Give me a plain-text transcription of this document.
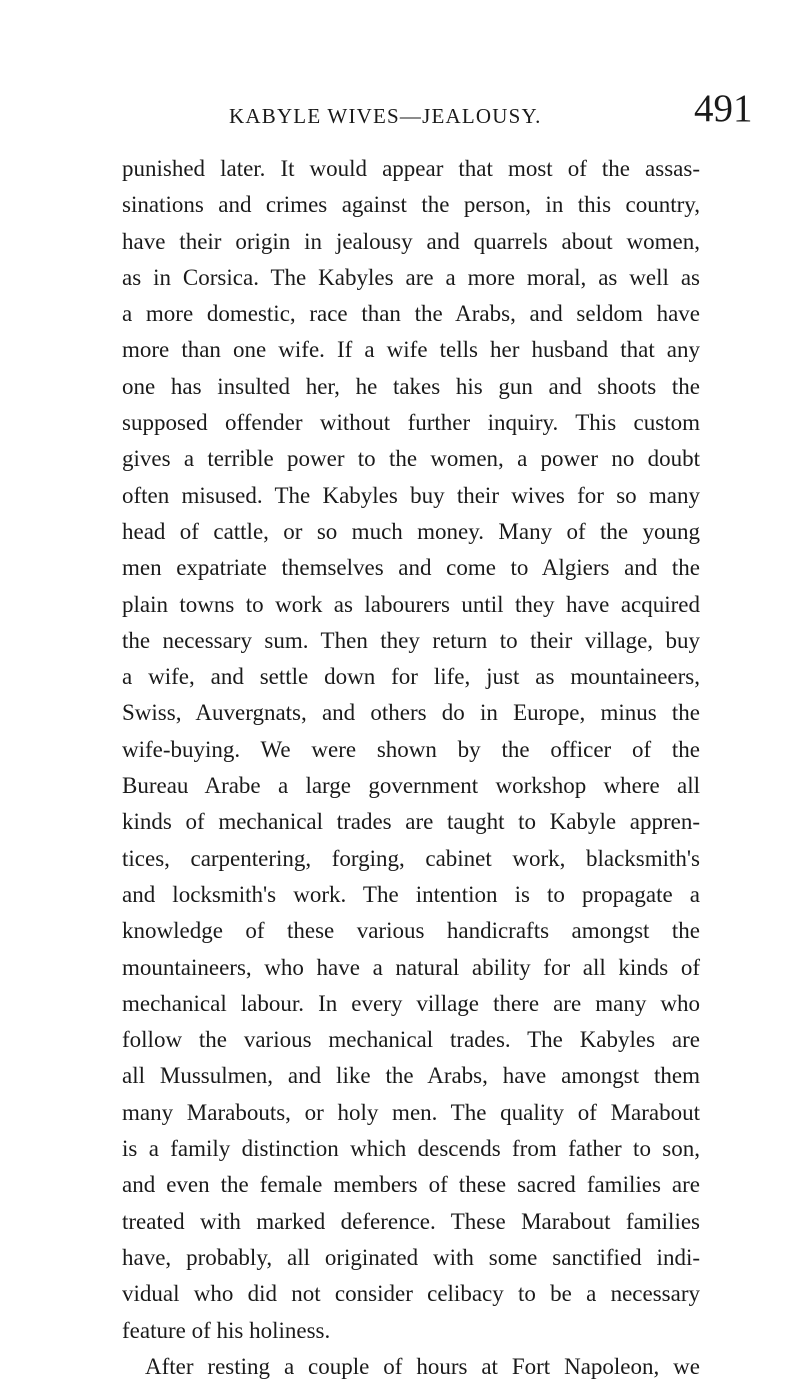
KABYLE WIVES—JEALOUSY.	491
punished later. It would appear that most of the assas-
sinations and crimes against the person, in this country,
have their origin in jealousy and quarrels about women,
as in Corsica. The Kabyles are a more moral, as well as
a more domestic, race than the Arabs, and seldom have
more than one wife. If a wife tells her husband that any
one has insulted her, he takes his gun and shoots the
supposed offender without further inquiry. This custom
gives a terrible power to the women, a power no doubt
often misused. The Kabyles buy their wives for so many
head of cattle, or so much money. Many of the young
men expatriate themselves and come to Algiers and the
plain towns to work as labourers until they have acquired
the necessary sum. Then they return to their village, buy
a wife, and settle down for life, just as mountaineers,
Swiss, Auvergnats, and others do in Europe, minus the
wife-buying. We were shown by the officer of the
Bureau Arabe a large government workshop where all
kinds of mechanical trades are taught to Kabyle appren-
tices, carpentering, forging, cabinet work, blacksmith's
and locksmith's work. The intention is to propagate a
knowledge of these various handicrafts amongst the
mountaineers, who have a natural ability for all kinds of
mechanical labour. In every village there are many who
follow the various mechanical trades. The Kabyles are
all Mussulmen, and like the Arabs, have amongst them
many Marabouts, or holy men. The quality of Marabout
is a family distinction which descends from father to son,
and even the female members of these sacred families are
treated with marked deference. These Marabout families
have, probably, all originated with some sanctified indi-
vidual who did not consider celibacy to be a necessary
feature of his holiness.
After resting a couple of hours at Fort Napoleon, we
